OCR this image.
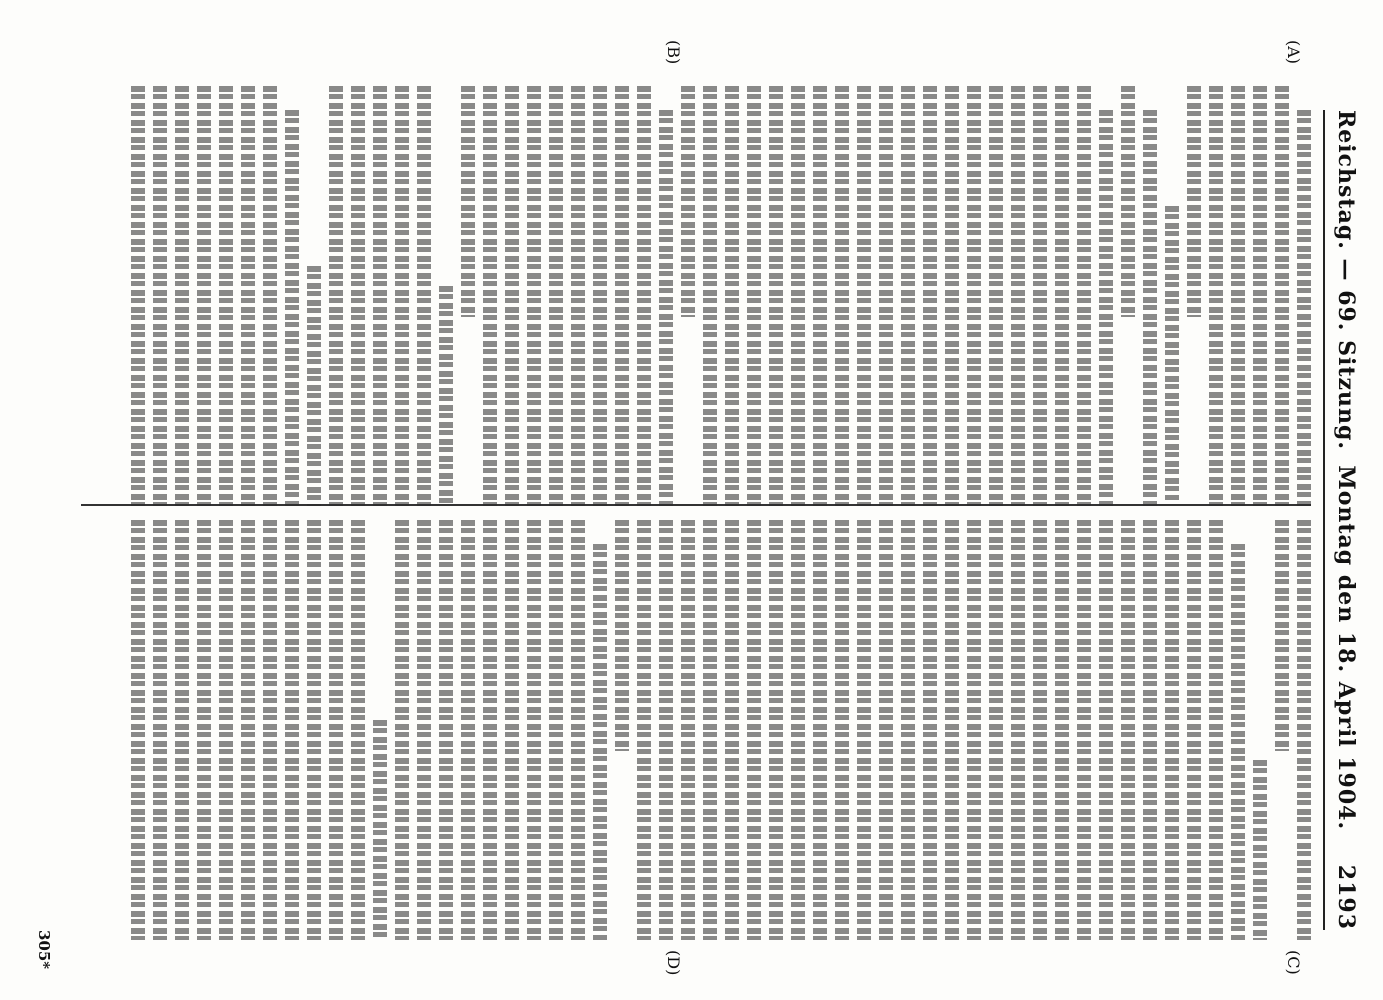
Reichstag. — 69. Sitzung.
Montag den 18. April 1904.    2193
(A)
(B)
(C)
(D)
305*
